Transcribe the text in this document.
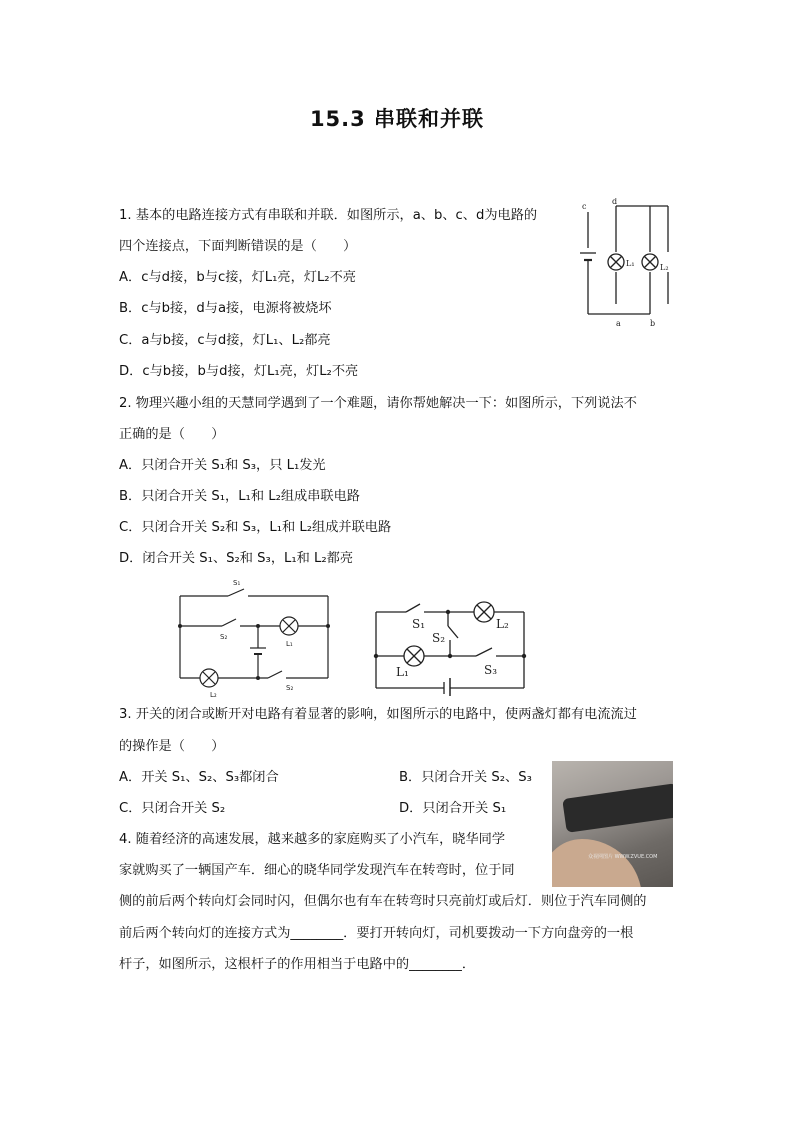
15.3 串联和并联
1. 基本的电路连接方式有串联和并联．如图所示，a、b、c、d为电路的
四个连接点，下面判断错误的是（　　）
A．c与d接，b与c接，灯L₁亮，灯L₂不亮
B．c与b接，d与a接，电源将被烧坏
C．a与b接，c与d接，灯L₁、L₂都亮
D．c与b接，b与d接，灯L₁亮，灯L₂不亮
c
d
a	b
L₁	L₂
2. 物理兴趣小组的天慧同学遇到了一个难题，请你帮她解决一下：如图所示，下列说法不
正确的是（　　）
A．只闭合开关 S₁和 S₃，只 L₁发光
B．只闭合开关 S₁，L₁和 L₂组成串联电路
C．只闭合开关 S₂和 S₃，L₁和 L₂组成并联电路
D．闭合开关 S₁、S₂和 S₃，L₁和 L₂都亮
S₁
S₂
L₁
L₂
S₂
S₁
S₂
L₂
L₁	S₃
3. 开关的闭合或断开对电路有着显著的影响，如图所示的电路中，使两盏灯都有电流流过
的操作是（　　）
A．开关 S₁、S₂、S₃都闭合	B．只闭合开关 S₂、S₃
C．只闭合开关 S₂	D．只闭合开关 S₁
4. 随着经济的高速发展，越来越多的家庭购买了小汽车，晓华同学
家就购买了一辆国产车．细心的晓华同学发现汽车在转弯时，位于同
侧的前后两个转向灯会同时闪，但偶尔也有车在转弯时只亮前灯或后灯．则位于汽车同侧的
前后两个转向灯的连接方式为________．要打开转向灯，司机要拨动一下方向盘旁的一根
杆子，如图所示，这根杆子的作用相当于电路中的________．
众视网图片 WWW.ZVUE.COM
